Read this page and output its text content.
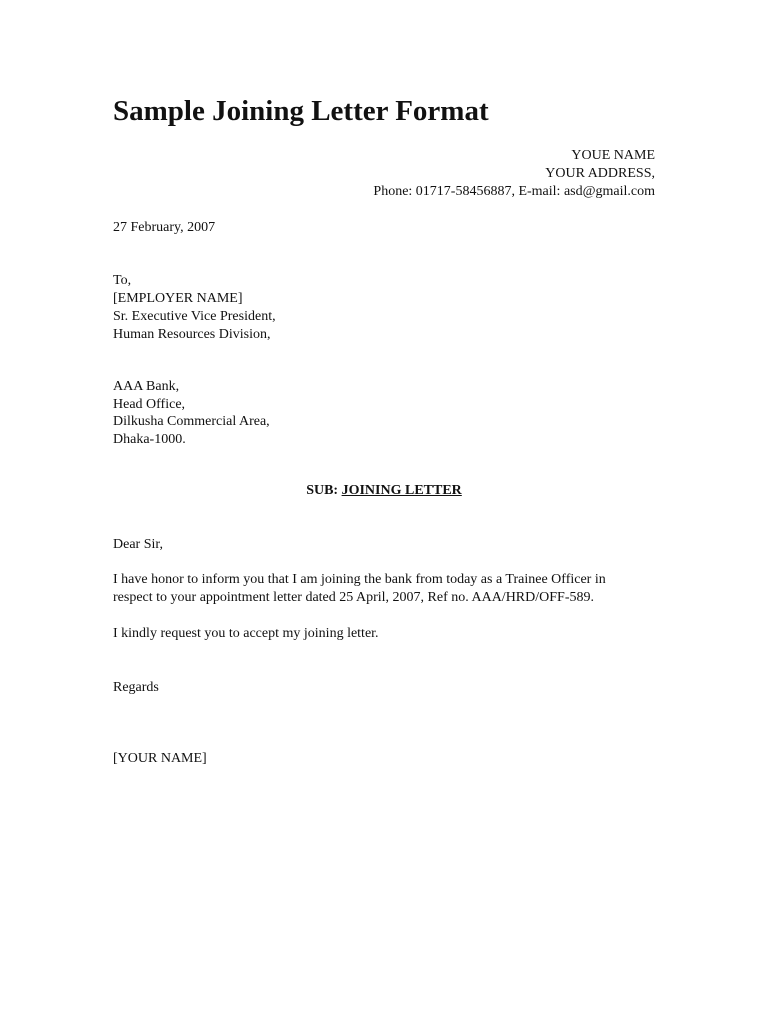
Sample Joining Letter Format

YOUE NAME

YOUR ADDRESS,

Phone: 01717-58456887, E-mail: asd@gmail.com

27 February, 2007

To,

[EMPLOYER NAME]

Sr. Executive Vice President,

Human Resources Division,

AAA Bank,

Head Office,

Dilkusha Commercial Area,

Dhaka-1000.

SUB: JOINING LETTER

Dear Sir,

I have honor to inform you that I am joining the bank from today as a Trainee Officer in

respect to your appointment letter dated 25 April, 2007, Ref no. AAA/HRD/OFF-589.

I kindly request you to accept my joining letter.

Regards

[YOUR NAME]
